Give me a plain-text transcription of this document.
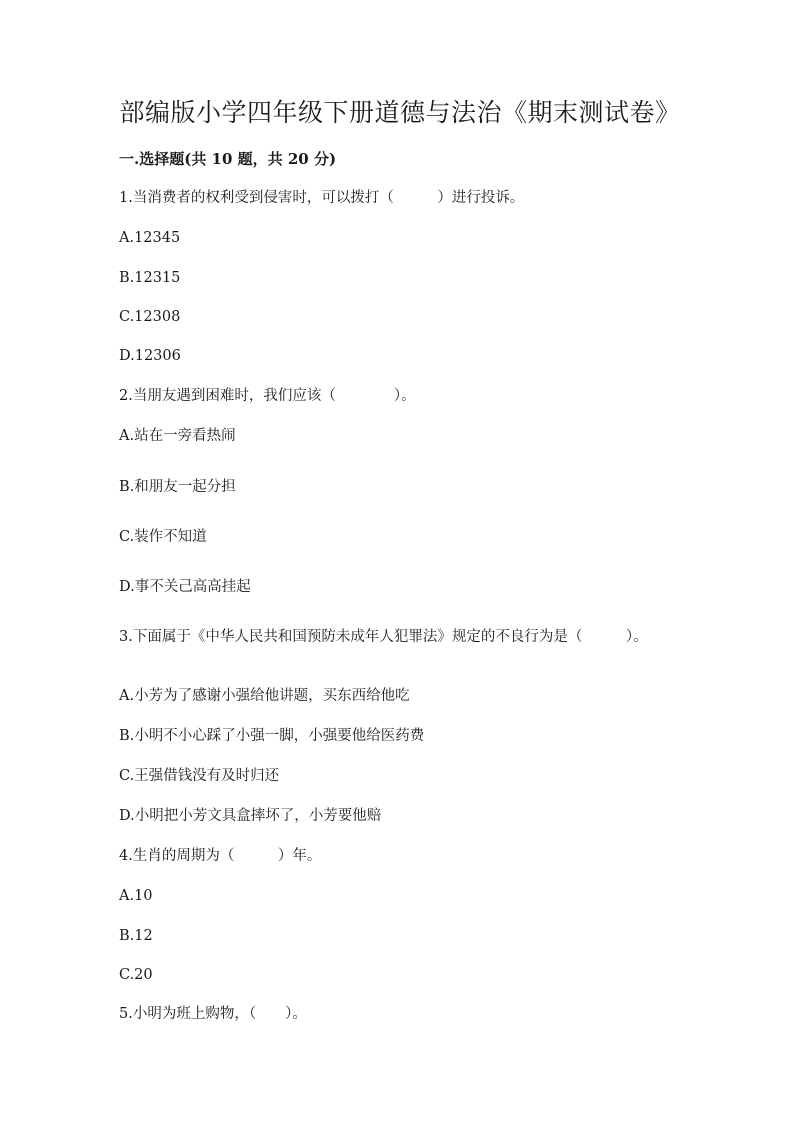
部编版小学四年级下册道德与法治《期末测试卷》
一.选择题(共 10 题，共 20 分)
1.当消费者的权利受到侵害时，可以拨打（　　　）进行投诉。
A.12345
B.12315
C.12308
D.12306
2.当朋友遇到困难时，我们应该（　　　　）。
A.站在一旁看热闹
B.和朋友一起分担
C.装作不知道
D.事不关己高高挂起
3.下面属于《中华人民共和国预防未成年人犯罪法》规定的不良行为是（　　　）。
A.小芳为了感谢小强给他讲题，买东西给他吃
B.小明不小心踩了小强一脚，小强要他给医药费
C.王强借钱没有及时归还
D.小明把小芳文具盒摔坏了，小芳要他赔
4.生肖的周期为（　　　）年。
A.10
B.12
C.20
5.小明为班上购物，（　　）。
